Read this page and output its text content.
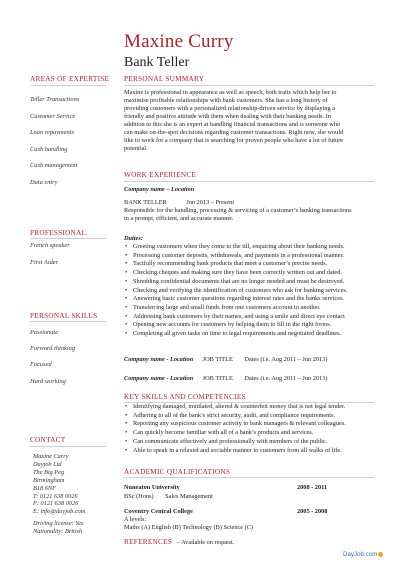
Maxine Curry
Bank Teller
AREAS OF EXPERTISE
Teller Transactions
Customer Service
Loan repayments
Cash handling
Cash management
Data entry
PROFESSIONAL
French speaker
First Aider
PERSONAL SKILLS
Passionate
Forward thinking
Focused
Hard working
CONTACT
Maxine Curry
Dayjob Ltd
The Big Peg
Birmingham
B18 6NF
T: 0121 638 0026
F: 0121 638 0026
E: info@dayjob.com
Driving license: Yes
Nationality: British
PERSONAL SUMMARY
Maxine is professional in appearance as well as speech, both traits which help her to
maximise profitable relationships with bank customers. She has a long history of
providing customers with a personalized relationship-driven service by displaying a
friendly and positive attitude with them when dealing with their banking needs. In
addition to this she is an expert at handling financial transactions and is someone who
can make on-the-spot decisions regarding customer transactions. Right now, she would
like to work for a company that is searching for proven people who have a lot of future
potential.
WORK EXPERIENCE
Company name – Location
BANK TELLER	Jun 2013 – Present
Responsible for the handling, processing & servicing of a customer’s banking transactions
in a prompt, efficient, and accurate manner.
Duties:
• Greeting customers when they come to the till, enquiring about their banking needs.
• Processing customer deposits, withdrawals, and payments in a professional manner.
• Tactfully recommending bank products that meet a customer’s precise needs.
• Checking cheques and making sure they have been correctly written out and dated.
• Shredding confidential documents that are no longer needed and must be destroyed.
• Checking and verifying the identification of customers who ask for banking services.
• Answering basic customer questions regarding interest rates and the banks services.
• Transferring large and small funds from one customers account to another.
• Addressing bank customers by their names, and using a smile and direct eye contact
• Opening new accounts for customers by helping them to fill in the right forms.
• Completing all given tasks on time to legal requirements and negotiated deadlines.
Company name - Location JOB TITLE Dates (i.e. Aug 2011 – Jun 2013)
Company name - Location JOB TITLE Dates (i.e. Aug 2011 – Jun 2013)
KEY SKILLS AND COMPETENCIES
• Identifying damaged, mutilated, altered & counterfeit money that is not legal tender.
• Adhering to all of the bank’s strict security, audit, and compliance requirements.
• Reporting any suspicious customer activity to bank managers & relevant colleagues.
• Can quickly become familiar with all of a bank’s products and services.
• Can communicate effectively and professionally with members of the public.
• Able to speak in a relaxed and sociable manner to customers from all walks of life.
ACADEMIC QUALIFICATIONS
Nuneaton University	2008 - 2011
BSc (Hons) Sales Management
Coventry Central College	2005 - 2008
A levels:
Maths (A) English (B) Technology (B) Science (C)
REFERENCES – Available on request.
DayJob.com
